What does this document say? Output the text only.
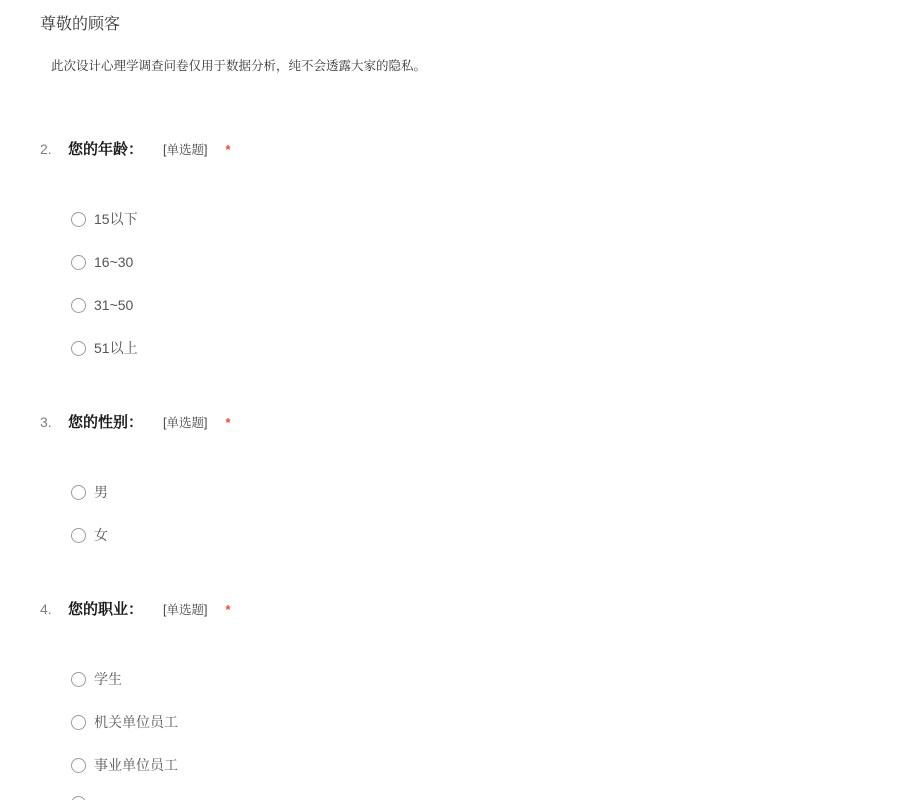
尊敬的顾客

此次设计心理学调查问卷仅用于数据分析，纯不会透露大家的隐私。

2.	您的年龄： [单选题] *
15以下
16~30
31~50
51以上
3.	您的性别： [单选题] *
男
女
4.	您的职业： [单选题] *
学生
机关单位员工
事业单位员工
